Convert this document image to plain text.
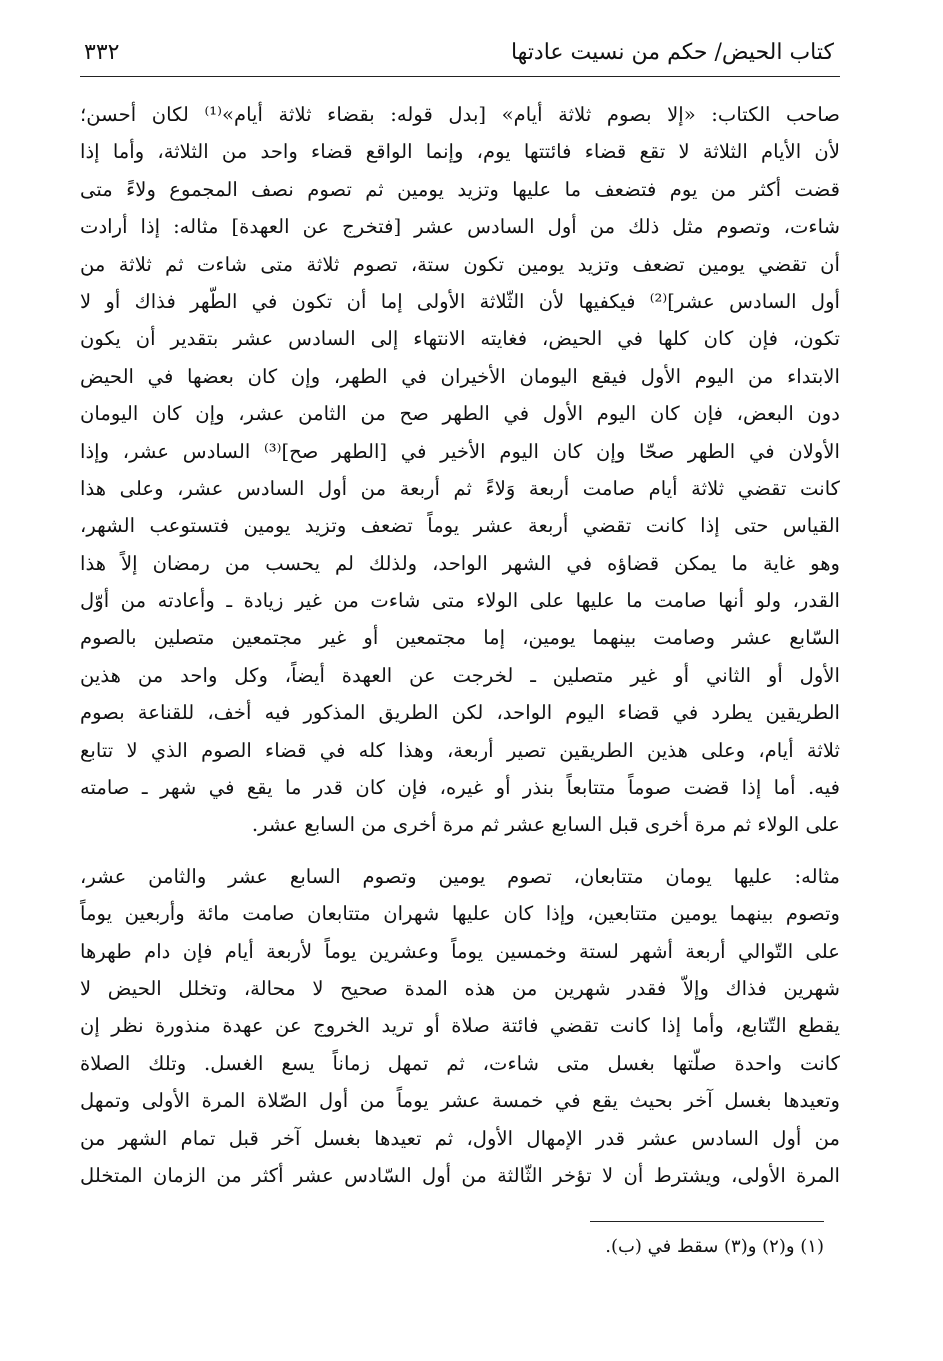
كتاب الحيض/ حكم من نسيت عادتها
٣٣٢
صاحب الكتاب: «إلا بصوم ثلاثة أيام» [بدل قوله: بقضاء ثلاثة أيام»⁽¹⁾ لكان أحسن؛
لأن الأيام الثلاثة لا تقع قضاء فائتتها يوم، وإنما الواقع قضاء واحد من الثلاثة، وأما إذا
قضت أكثر من يوم فتضعف ما عليها وتزيد يومين ثم تصوم نصف المجموع ولاءً متى
شاءت، وتصوم مثل ذلك من أول السادس عشر [فتخرج عن العهدة] مثاله: إذا أرادت
أن تقضي يومين تضعف وتزيد يومين تكون ستة، تصوم ثلاثة متى شاءت ثم ثلاثة من
أول السادس عشر]⁽²⁾ فيكفيها لأن الثّلاثة الأولى إما أن تكون في الطّهر فذاك أو لا
تكون، فإن كان كلها في الحيض، فغايته الانتهاء إلى السادس عشر بتقدير أن يكون
الابتداء من اليوم الأول فيقع اليومان الأخيران في الطهر، وإن كان بعضها في الحيض
دون البعض، فإن كان اليوم الأول في الطهر صح من الثامن عشر، وإن كان اليومان
الأولان في الطهر صحّا وإن كان اليوم الأخير في [الطهر صح]⁽³⁾ السادس عشر، وإذا
كانت تقضي ثلاثة أيام صامت أربعة وَلاءً ثم أربعة من أول السادس عشر، وعلى هذا
القياس حتى إذا كانت تقضي أربعة عشر يوماً تضعف وتزيد يومين فتستوعب الشهر،
وهو غاية ما يمكن قضاؤه في الشهر الواحد، ولذلك لم يحسب من رمضان إلاً هذا
القدر، ولو أنها صامت ما عليها على الولاء متى شاءت من غير زيادة ـ وأعادته من أوّل
السّابع عشر وصامت بينهما يومين، إما مجتمعين أو غير مجتمعين متصلين بالصوم
الأول أو الثاني أو غير متصلين ـ لخرجت عن العهدة أيضاً، وكل واحد من هذين
الطريقين يطرد في قضاء اليوم الواحد، لكن الطريق المذكور فيه أخف، للقناعة بصوم
ثلاثة أيام، وعلى هذين الطريقين تصير أربعة، وهذا كله في قضاء الصوم الذي لا تتابع
فيه. أما إذا قضت صوماً متتابعاً بنذر أو غيره، فإن كان قدر ما يقع في شهر ـ صامته
على الولاء ثم مرة أخرى قبل السابع عشر ثم مرة أخرى من السابع عشر.
مثاله: عليها يومان متتابعان، تصوم يومين وتصوم السابع عشر والثامن عشر،
وتصوم بينهما يومين متتابعين، وإذا كان عليها شهران متتابعان صامت مائة وأربعين يوماً
على التّوالي أربعة أشهر لستة وخمسين يوماً وعشرين يوماً لأربعة أيام فإن دام طهرها
شهرين فذاك وإلاّ فقدر شهرين من هذه المدة صحيح لا محالة، وتخلل الحيض لا
يقطع التّتابع، وأما إذا كانت تقضي فائتة صلاة أو تريد الخروج عن عهدة منذورة نظر إن
كانت واحدة صلّتها بغسل متى شاءت، ثم تمهل زماناً يسع الغسل. وتلك الصلاة
وتعيدها بغسل آخر بحيث يقع في خمسة عشر يوماً من أول الصّلاة المرة الأولى وتمهل
من أول السادس عشر قدر الإمهال الأول، ثم تعيدها بغسل آخر قبل تمام الشهر من
المرة الأولى، ويشترط أن لا تؤخر الثّالثة من أول السّادس عشر أكثر من الزمان المتخلل
(١) و(٢) و(٣) سقط في (ب).
